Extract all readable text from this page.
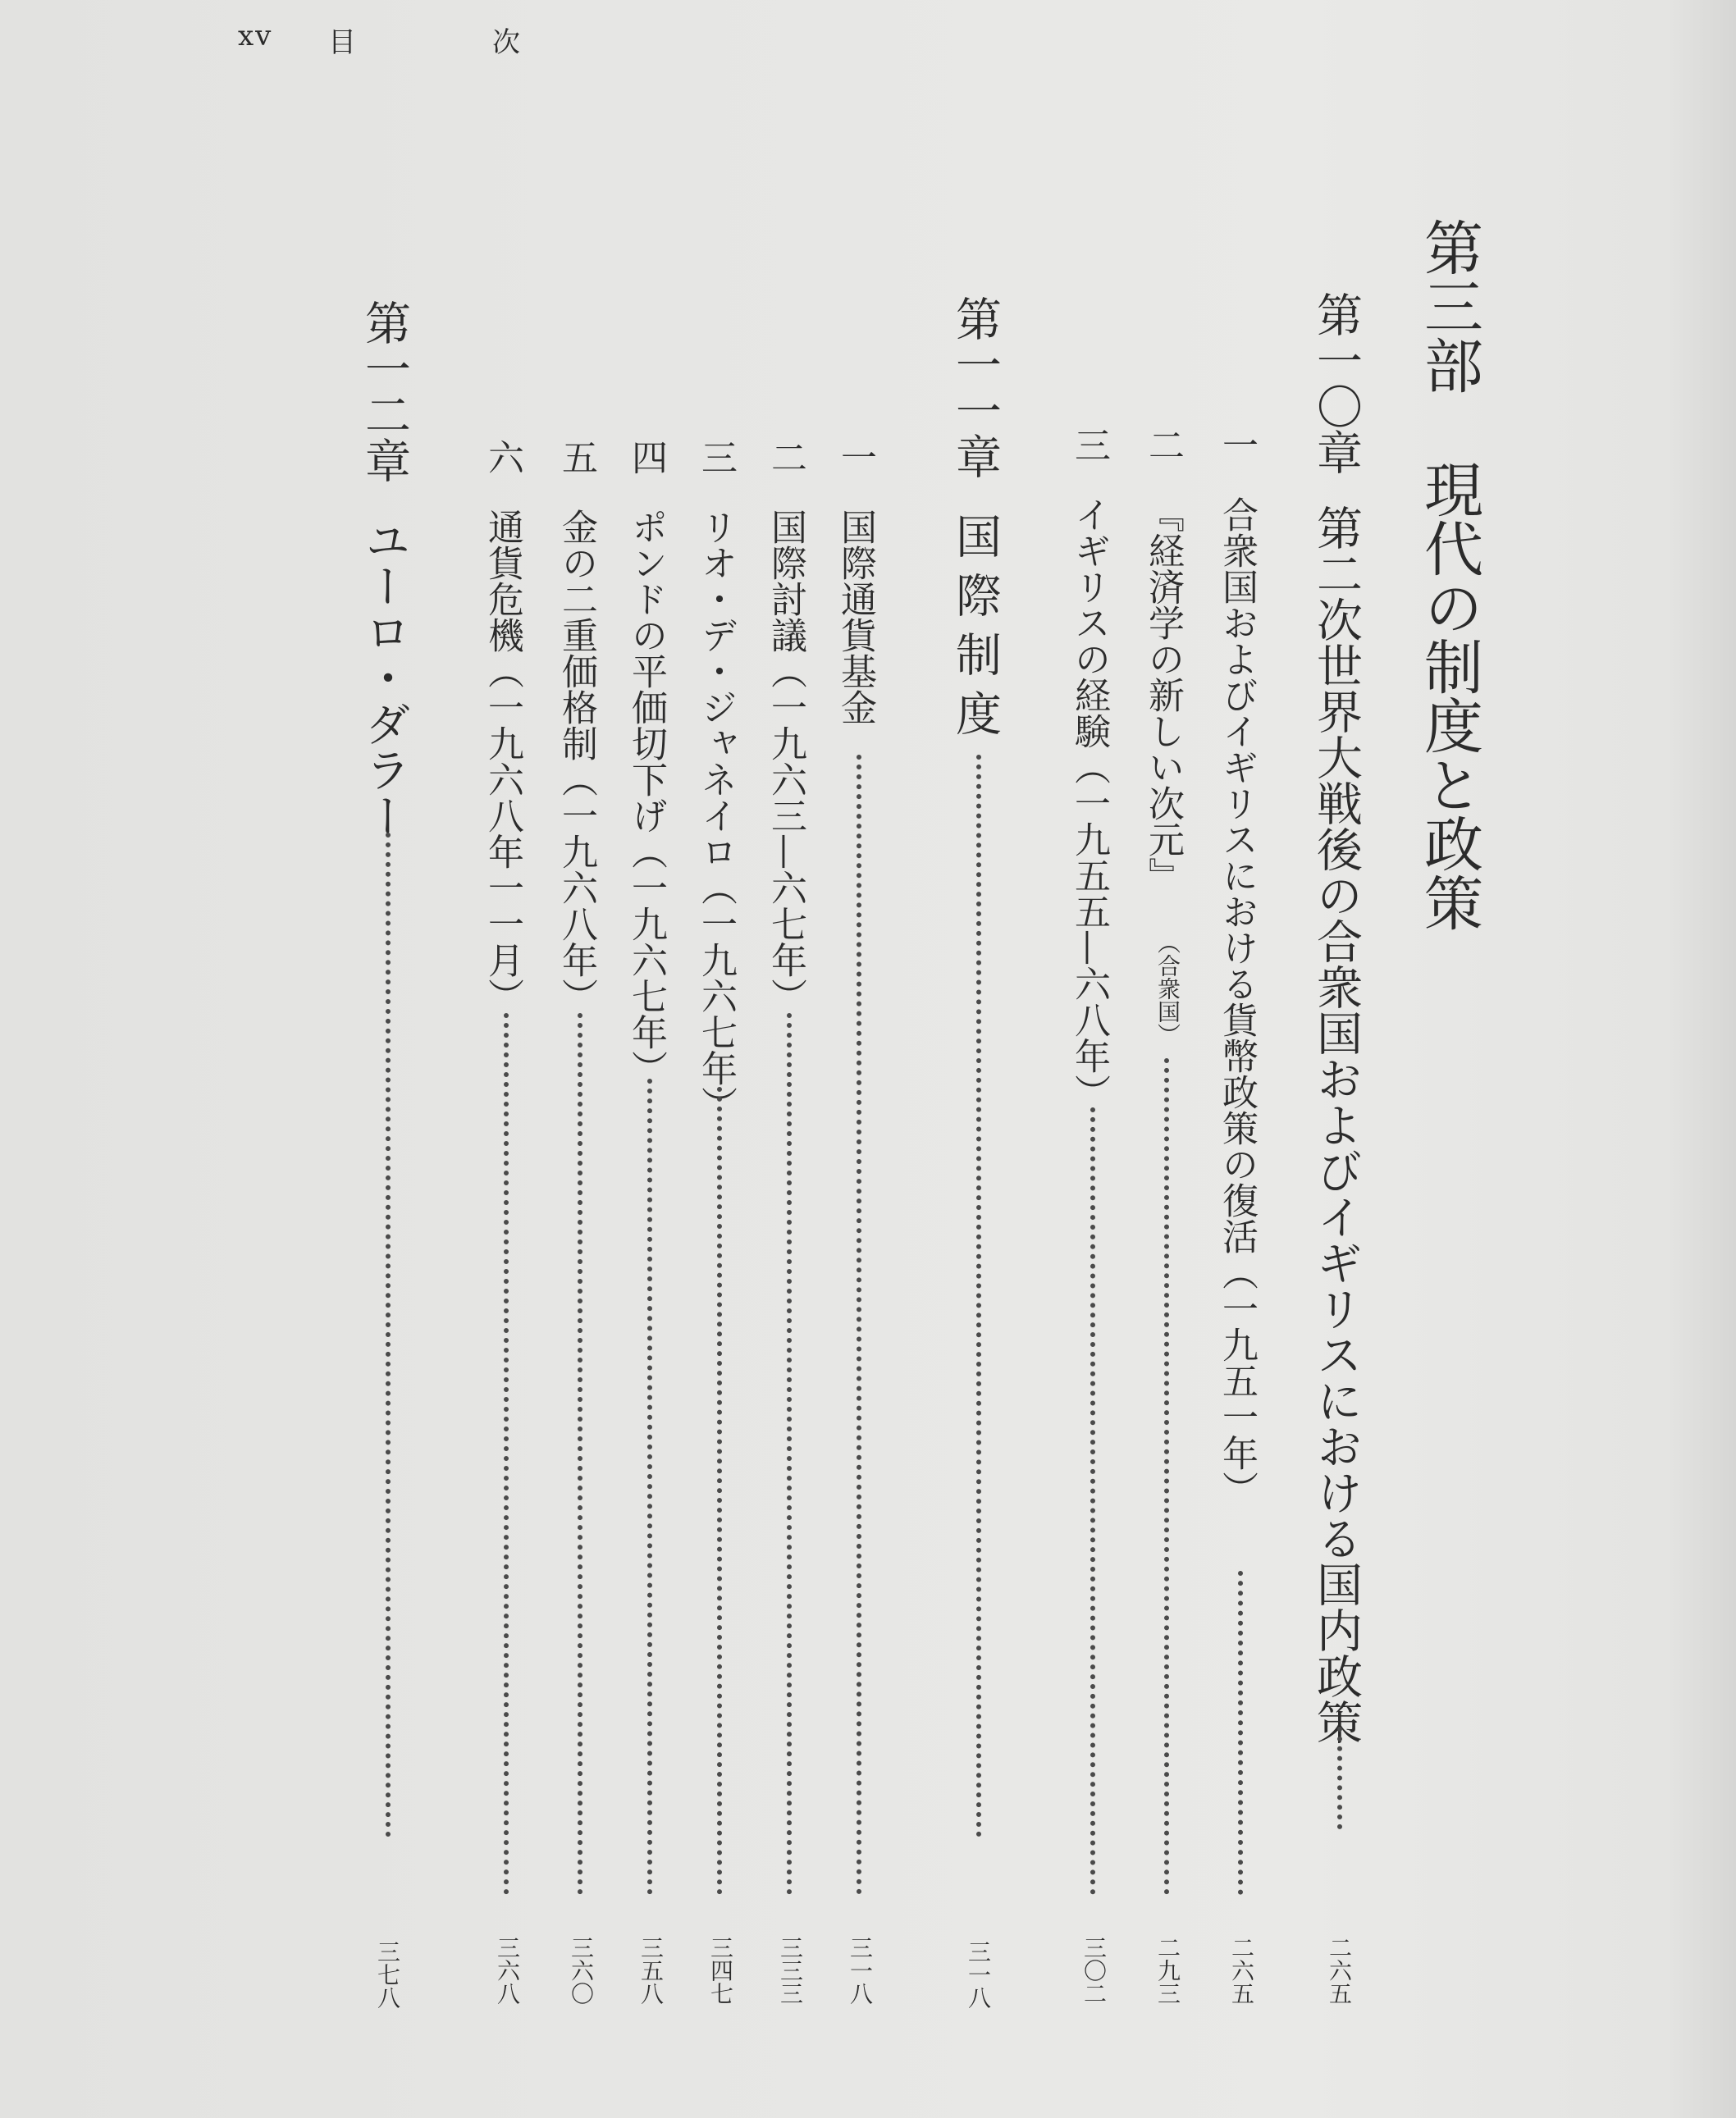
xv 目	次
第三部
現代の制度と政策
第一〇章
第二次世界大戦後の合衆国およびイギリスにおける国内政策
二六五
一
合衆国およびイギリスにおける貨幣政策の復活（一九五一年）
二六五
二
『経済学の新しい次元』
（合衆国）
二九三
三
イギリスの経験（一九五五—六八年）
三〇二
第一一章
国際制度
三一八
一
国際通貨基金
三一八
二
国際討議（一九六三—六七年）
三三三
三
リオ・デ・ジャネイロ（一九六七年）
三四七
四
ポンドの平価切下げ（一九六七年）
三五八
五
金の二重価格制（一九六八年）
三六〇
六
通貨危機（一九六八年一一月）
三六八
第一二章
ユーロ・ダラー
三七八
